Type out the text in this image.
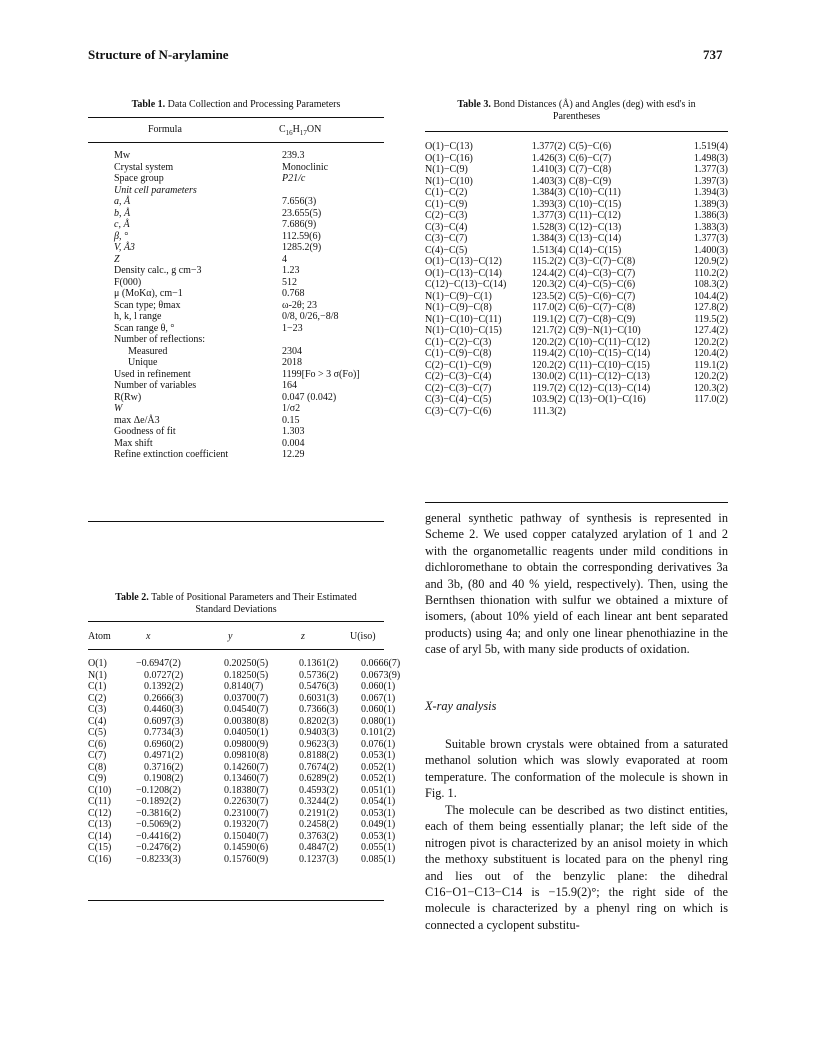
Structure of N-arylamine	737
Table 1. Data Collection and Processing Parameters
Formula	$C_{16}H_{17}ON$
Mw	239.3
Crystal system	Monoclinic
Space group	P21/c
Unit cell parameters	
a, Å	7.656(3)
b, Å	23.655(5)
c, Å	7.686(9)
β, °	112.59(6)
V, Å3	1285.2(9)
Z	4
Density calc., g cm−3	1.23
F(000)	512
μ (MoKα), cm−1	0.768
Scan type; θmax	ω-2θ; 23
h, k, l range	0/8, 0/26,−8/8
Scan range θ, °	1−23
Number of reflections:	
Measured	2304
Unique	2018
Used in refinement	1199[Fo > 3 σ(Fo)]
Number of variables	164
R(Rw)	0.047 (0.042)
W	1/σ2
max Δe/Å3	0.15
Goodness of fit	1.303
Max shift	0.004
Refine extinction coefficient	12.29
Table 2. Table of Positional Parameters and Their Estimated
Standard Deviations
Atom	x	y	z	U(iso)
O(1)	−0.6947(2)	0.20250(5)	0.1361(2)	0.0666(7)
N(1)	0.0727(2)	0.18250(5)	0.5736(2)	0.0673(9)
C(1)	0.1392(2)	0.8140(7)	0.5476(3)	0.060(1)
C(2)	0.2666(3)	0.03700(7)	0.6031(3)	0.067(1)
C(3)	0.4460(3)	0.04540(7)	0.7366(3)	0.060(1)
C(4)	0.6097(3)	0.00380(8)	0.8202(3)	0.080(1)
C(5)	0.7734(3)	0.04050(1)	0.9403(3)	0.101(2)
C(6)	0.6960(2)	0.09800(9)	0.9623(3)	0.076(1)
C(7)	0.4971(2)	0.09810(8)	0.8188(2)	0.053(1)
C(8)	0.3716(2)	0.14260(7)	0.7674(2)	0.052(1)
C(9)	0.1908(2)	0.13460(7)	0.6289(2)	0.052(1)
C(10)	−0.1208(2)	0.18380(7)	0.4593(2)	0.051(1)
C(11)	−0.1892(2)	0.22630(7)	0.3244(2)	0.054(1)
C(12)	−0.3816(2)	0.23100(7)	0.2191(2)	0.053(1)
C(13)	−0.5069(2)	0.19320(7)	0.2458(2)	0.049(1)
C(14)	−0.4416(2)	0.15040(7)	0.3763(2)	0.053(1)
C(15)	−0.2476(2)	0.14590(6)	0.4847(2)	0.055(1)
C(16)	−0.8233(3)	0.15760(9)	0.1237(3)	0.085(1)
Table 3. Bond Distances (Å) and Angles (deg) with esd's in
Parentheses
O(1)−C(13)	1.377(2)	C(5)−C(6)	1.519(4)
O(1)−C(16)	1.426(3)	C(6)−C(7)	1.498(3)
N(1)−C(9)	1.410(3)	C(7)−C(8)	1.377(3)
N(1)−C(10)	1.403(3)	C(8)−C(9)	1.397(3)
C(1)−C(2)	1.384(3)	C(10)−C(11)	1.394(3)
C(1)−C(9)	1.393(3)	C(10)−C(15)	1.389(3)
C(2)−C(3)	1.377(3)	C(11)−C(12)	1.386(3)
C(3)−C(4)	1.528(3)	C(12)−C(13)	1.383(3)
C(3)−C(7)	1.384(3)	C(13)−C(14)	1.377(3)
C(4)−C(5)	1.513(4)	C(14)−C(15)	1.400(3)
O(1)−C(13)−C(12)	115.2(2)	C(3)−C(7)−C(8)	120.9(2)
O(1)−C(13)−C(14)	124.4(2)	C(4)−C(3)−C(7)	110.2(2)
C(12)−C(13)−C(14)	120.3(2)	C(4)−C(5)−C(6)	108.3(2)
N(1)−C(9)−C(1)	123.5(2)	C(5)−C(6)−C(7)	104.4(2)
N(1)−C(9)−C(8)	117.0(2)	C(6)−C(7)−C(8)	127.8(2)
N(1)−C(10)−C(11)	119.1(2)	C(7)−C(8)−C(9)	119.5(2)
N(1)−C(10)−C(15)	121.7(2)	C(9)−N(1)−C(10)	127.4(2)
C(1)−C(2)−C(3)	120.2(2)	C(10)−C(11)−C(12)	120.2(2)
C(1)−C(9)−C(8)	119.4(2)	C(10)−C(15)−C(14)	120.4(2)
C(2)−C(1)−C(9)	120.2(2)	C(11)−C(10)−C(15)	119.1(2)
C(2)−C(3)−C(4)	130.0(2)	C(11)−C(12)−C(13)	120.2(2)
C(2)−C(3)−C(7)	119.7(2)	C(12)−C(13)−C(14)	120.3(2)
C(3)−C(4)−C(5)	103.9(2)	C(13)−O(1)−C(16)	117.0(2)
C(3)−C(7)−C(6)	111.3(2)		

general synthetic pathway of synthesis is represented in Scheme 2. We used copper catalyzed arylation of 1 and 2 with the organometallic reagents under mild conditions in dichloromethane to obtain the corresponding derivatives 3a and 3b, (80 and 40 % yield, respectively). Then, using the Bernthsen thionation with sulfur we obtained a mixture of isomers, (about 10% yield of each linear ant bent separated products) using 4a; and only one linear phenothiazine in the case of aryl 5b, with many side products of oxidation.

X-ray analysis

Suitable brown crystals were obtained from a saturated methanol solution which was slowly evaporated at room temperature. The conformation of the molecule is shown in Fig. 1.

The molecule can be described as two distinct entities, each of them being essentially planar; the left side of the nitrogen pivot is characterized by an anisol moiety in which the methoxy substituent is located para on the phenyl ring and lies out of the benzylic plane: the dihedral C16−O1−C13−C14 is −15.9(2)°; the right side of the molecule is characterized by a phenyl ring on which is connected a cyclopent substitu-
